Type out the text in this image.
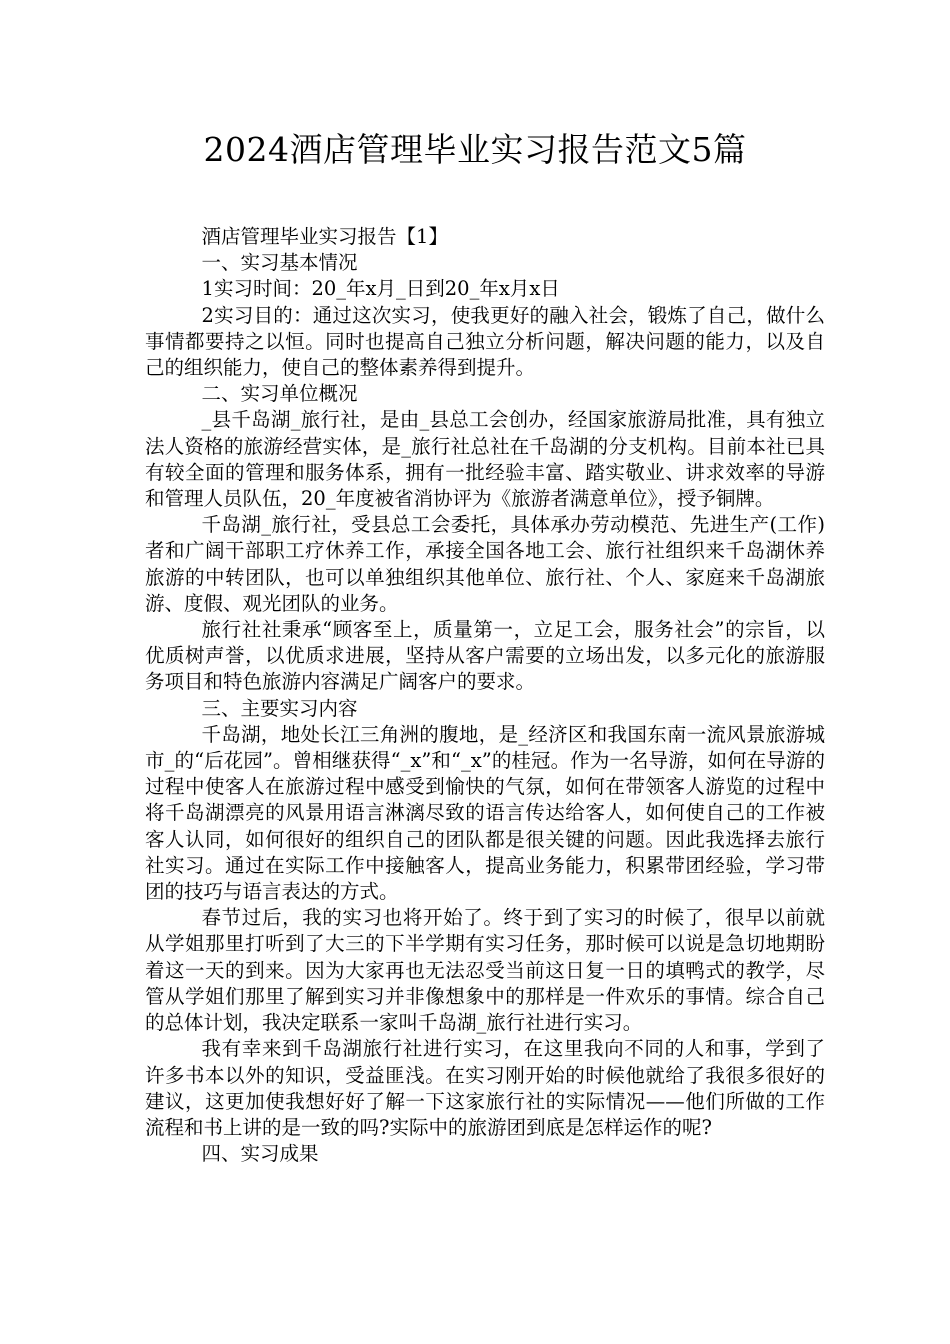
2024酒店管理毕业实习报告范文5篇

酒店管理毕业实习报告【1】

一、实习基本情况

1实习时间：20_年x月_日到20_年x月x日

2实习目的：通过这次实习，使我更好的融入社会，锻炼了自己，做什么事情都要持之以恒。同时也提高自己独立分析问题，解决问题的能力，以及自己的组织能力，使自己的整体素养得到提升。

二、实习单位概况

_县千岛湖_旅行社，是由_县总工会创办，经国家旅游局批准，具有独立法人资格的旅游经营实体，是_旅行社总社在千岛湖的分支机构。目前本社已具有较全面的管理和服务体系，拥有一批经验丰富、踏实敬业、讲求效率的导游和管理人员队伍，20_年度被省消协评为《旅游者满意单位》，授予铜牌。

千岛湖_旅行社，受县总工会委托，具体承办劳动模范、先进生产(工作)者和广阔干部职工疗休养工作，承接全国各地工会、旅行社组织来千岛湖休养旅游的中转团队，也可以单独组织其他单位、旅行社、个人、家庭来千岛湖旅游、度假、观光团队的业务。

旅行社社秉承“顾客至上，质量第一，立足工会，服务社会”的宗旨，以优质树声誉，以优质求进展，坚持从客户需要的立场出发，以多元化的旅游服务项目和特色旅游内容满足广阔客户的要求。

三、主要实习内容

千岛湖，地处长江三角洲的腹地，是_经济区和我国东南一流风景旅游城市_的“后花园”。曾相继获得“_x”和“_x”的桂冠。作为一名导游，如何在导游的过程中使客人在旅游过程中感受到愉快的气氛，如何在带领客人游览的过程中将千岛湖漂亮的风景用语言淋漓尽致的语言传达给客人，如何使自己的工作被客人认同，如何很好的组织自己的团队都是很关键的问题。因此我选择去旅行社实习。通过在实际工作中接触客人，提高业务能力，积累带团经验，学习带团的技巧与语言表达的方式。

春节过后，我的实习也将开始了。终于到了实习的时候了，很早以前就从学姐那里打听到了大三的下半学期有实习任务，那时候可以说是急切地期盼着这一天的到来。因为大家再也无法忍受当前这日复一日的填鸭式的教学，尽管从学姐们那里了解到实习并非像想象中的那样是一件欢乐的事情。综合自己的总体计划，我决定联系一家叫千岛湖_旅行社进行实习。

我有幸来到千岛湖旅行社进行实习，在这里我向不同的人和事，学到了许多书本以外的知识，受益匪浅。在实习刚开始的时候他就给了我很多很好的建议，这更加使我想好好了解一下这家旅行社的实际情况——他们所做的工作流程和书上讲的是一致的吗?实际中的旅游团到底是怎样运作的呢?

四、实习成果
